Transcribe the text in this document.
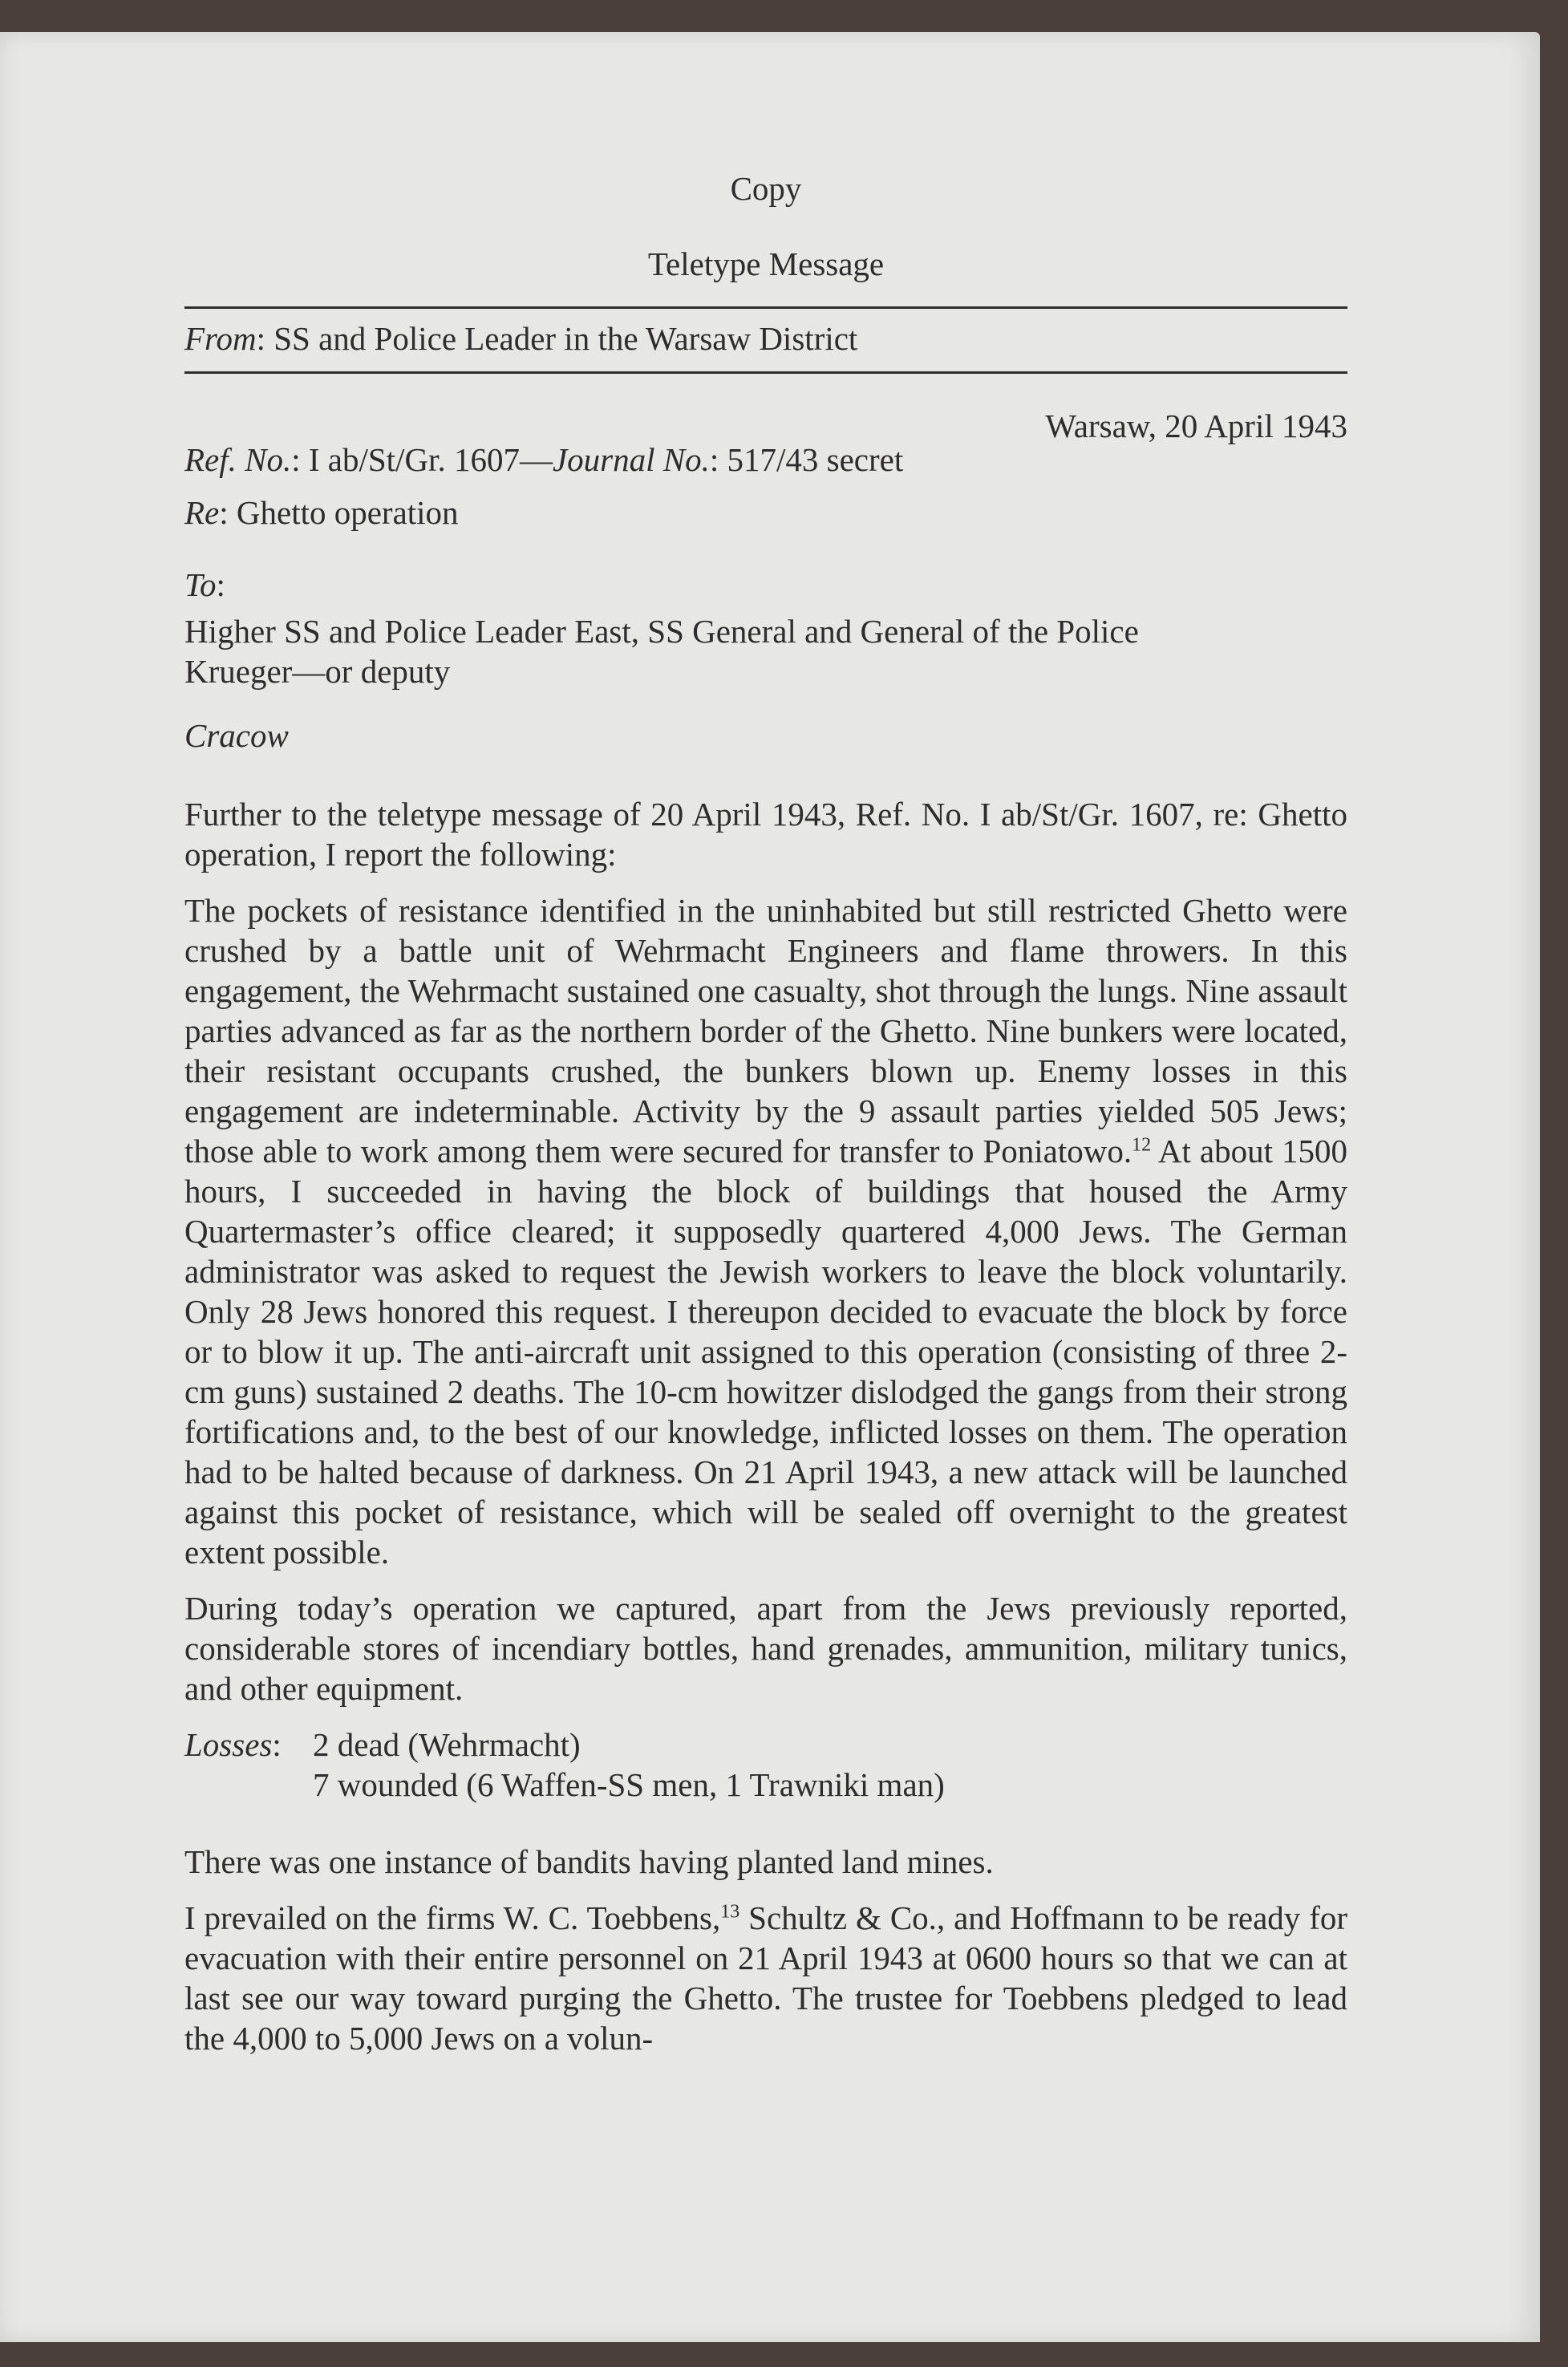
Copy
Teletype Message
From: SS and Police Leader in the Warsaw District
Warsaw, 20 April 1943
Ref. No.: I ab/St/Gr. 1607—Journal No.: 517/43 secret
Re: Ghetto operation
To:
Higher SS and Police Leader East, SS General and General of the Police
Krueger—or deputy
Cracow

Further to the teletype message of 20 April 1943, Ref. No. I ab/St/Gr. 1607, re: Ghetto operation, I report the following:

The pockets of resistance identified in the uninhabited but still restricted Ghetto were crushed by a battle unit of Wehrmacht Engineers and flame throwers. In this engagement, the Wehrmacht sustained one casualty, shot through the lungs. Nine assault parties advanced as far as the northern border of the Ghetto. Nine bunkers were located, their resistant occupants crushed, the bunkers blown up. Enemy losses in this engagement are indeterminable. Activity by the 9 assault parties yielded 505 Jews; those able to work among them were secured for transfer to Poniatowo.$^{12}$ At about 1500 hours, I succeeded in having the block of buildings that housed the Army Quartermaster’s office cleared; it supposedly quartered 4,000 Jews. The German administrator was asked to request the Jewish workers to leave the block voluntarily. Only 28 Jews honored this request. I thereupon decided to evacuate the block by force or to blow it up. The anti-aircraft unit assigned to this operation (consisting of three 2-cm guns) sustained 2 deaths. The 10-cm howitzer dislodged the gangs from their strong fortifications and, to the best of our knowledge, inflicted losses on them. The operation had to be halted because of darkness. On 21 April 1943, a new attack will be launched against this pocket of resistance, which will be sealed off overnight to the greatest extent possible.

During today’s operation we captured, apart from the Jews previously reported, considerable stores of incendiary bottles, hand grenades, ammunition, military tunics, and other equipment.

Losses: 2 dead (Wehrmacht)
7 wounded (6 Waffen-SS men, 1 Trawniki man)

There was one instance of bandits having planted land mines.

I prevailed on the firms W. C. Toebbens,$^{13}$ Schultz & Co., and Hoffmann to be ready for evacuation with their entire personnel on 21 April 1943 at 0600 hours so that we can at last see our way toward purging the Ghetto. The trustee for Toebbens pledged to lead the 4,000 to 5,000 Jews on a volun-
